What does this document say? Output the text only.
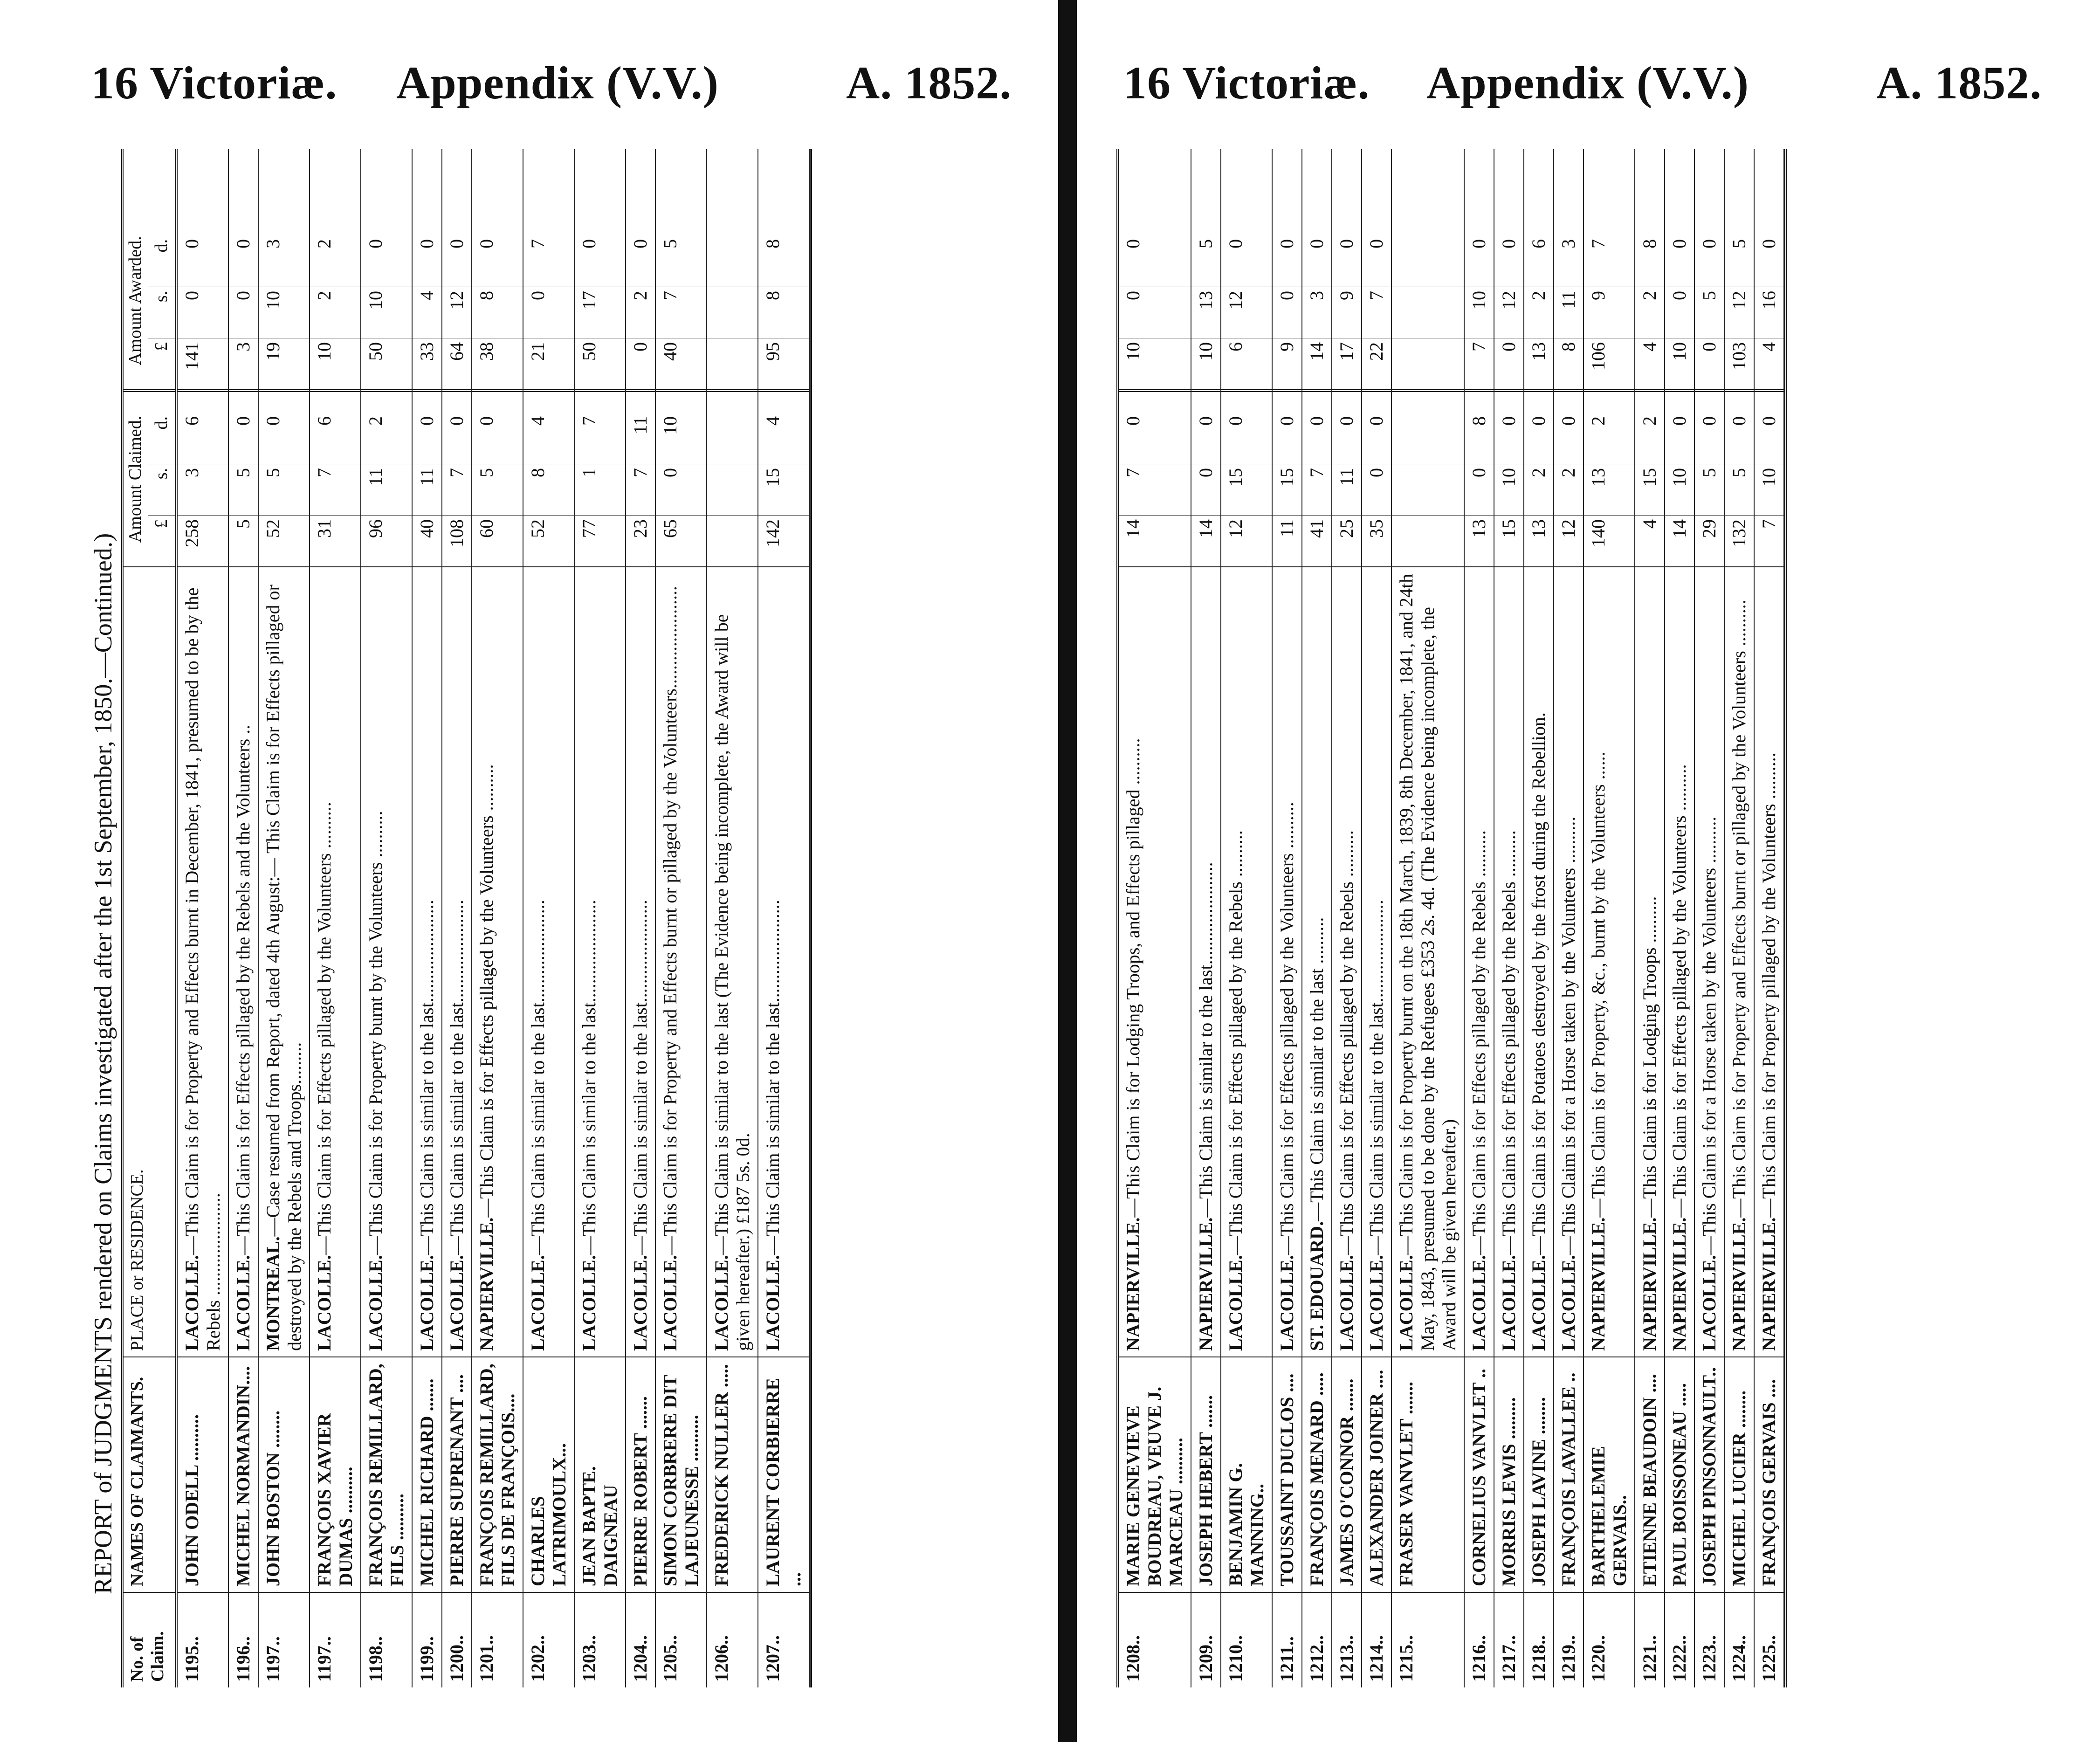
16 Victoriæ. Appendix (V.V.)	A. 1852.
REPORT of JUDGMENTS rendered on Claims investigated after the 1st September, 1850.—Continued.)
No. of Claim.
NAMES OF CLAIMANTS.
PLACE or RESIDENCE.
Amount Claimed. £
s.
d.
Amount Awarded. £
s.
d.
1195..
JOHN ODELL ..........
LACOLLE.—This Claim is for Property and Effects burnt in December, 1841, presumed to be by the Rebels ......................
258
3
6
141
0
0
1196..
MICHEL NORMANDIN....
LACOLLE.—This Claim is for Effects pillaged by the Rebels and the Volunteers ..
5
5
0
3
0
0
1197..
JOHN BOSTON ........
MONTREAL.—Case resumed from Report, dated 4th August:— This Claim is for Effects pillaged or destroyed by the Rebels and Troops.........
52
5
0
19
10
3
1197..
FRANÇOIS XAVIER DUMAS ..........
LACOLLE.—This Claim is for Effects pillaged by the Volunteers ..........
31
7
6
10
2
2
1198..
FRANÇOIS REMILLARD, FILS ..........
LACOLLE.—This Claim is for Property burnt by the Volunteers ..........
96
11
2
50
10
0
1199..
MICHEL RICHARD .......
LACOLLE.—This Claim is similar to the last......................
40
11
0
33
4
0
1200..
PIERRE SUPRENANT ....
LACOLLE.—This Claim is similar to the last......................
108
7
0
64
12
0
1201..
FRANÇOIS REMILLARD, FILS DE FRANÇOIS....
NAPIERVILLE.—This Claim is for Effects pillaged by the Volunteers ..........
60
5
0
38
8
0
1202..
CHARLES LATRIMOULX...
LACOLLE.—This Claim is similar to the last......................
52
8
4
21
0
7
1203..
JEAN BAPTE. DAIGNEAU
LACOLLE.—This Claim is similar to the last......................
77
1
7
50
17
0
1204..
PIERRE ROBERT .......
LACOLLE.—This Claim is similar to the last......................
23
7
11
0
2
0
1205..
SIMON CORBRERE DIT LAJEUNESSE ..........
LACOLLE.—This Claim is for Property and Effects burnt or pillaged by the Volunteers......................
65
0
10
40
7
5
1206..
FREDERICK NULLER .....
LACOLLE.—This Claim is similar to the last (The Evidence being incomplete, the Award will be given hereafter.) £187 5s. 0d.
1207..
LAURENT CORBIERRE ...
LACOLLE.—This Claim is similar to the last......................
142
15
4
95
8
8
16 Victoriæ. Appendix (V.V.)	A. 1852.
1208..
MARIE GENEVIEVE BOUDREAU, VEUVE J. MARCEAU ..........
NAPIERVILLE.—This Claim is for Lodging Troops, and Effects pillaged ..........
14
7
0
10
0
0
1209..
JOSEPH HEBERT .......
NAPIERVILLE.—This Claim is similar to the last......................
14
0
0
10
13
5
1210..
BENJAMIN G. MANNING..
LACOLLE.—This Claim is for Effects pillaged by the Rebels ..........
12
15
0
6
12
0
1211..
TOUSSAINT DUCLOS ....
LACOLLE.—This Claim is for Effects pillaged by the Volunteers ..........
11
15
0
9
0
0
1212..
FRANÇOIS MENARD .....
ST. EDOUARD.—This Claim is similar to the last ..........
41
7
0
14
3
0
1213..
JAMES O'CONNOR .......
LACOLLE.—This Claim is for Effects pillaged by the Rebels ..........
25
11
0
17
9
0
1214..
ALEXANDER JOINER ....
LACOLLE.—This Claim is similar to the last......................
35
0
0
22
7
0
1215..
FRASER VANVLET .......
LACOLLE.—This Claim is for Property burnt on the 18th March, 1839, 8th December, 1841, and 24th May, 1843, presumed to be done by the Refugees £353 2s. 4d. (The Evidence being incomplete, the Award will be given hereafter.)
1216..
CORNELIUS VANVLET ..
LACOLLE.—This Claim is for Effects pillaged by the Rebels ..........
13
0
8
7
10
0
1217..
MORRIS LEWIS .........
LACOLLE.—This Claim is for Effects pillaged by the Rebels ..........
15
10
0
0
12
0
1218..
JOSEPH LAVINE ........
LACOLLE.—This Claim is for Potatoes destroyed by the frost during the Rebellion.
13
2
0
13
2
6
1219..
FRANÇOIS LAVALLEE ..
LACOLLE.—This Claim is for a Horse taken by the Volunteers ..........
12
2
0
8
11
3
1220..
BARTHELEMIE GERVAIS..
NAPIERVILLE.—This Claim is for Property, &c., burnt by the Volunteers ......
140
13
2
106
9
7
1221..
ETIENNE BEAUDOIN ....
NAPIERVILLE.—This Claim is for Lodging Troops ..........
4
15
2
4
2
8
1222..
PAUL BOISSONEAU .....
NAPIERVILLE.—This Claim is for Effects pillaged by the Volunteers ..........
14
10
0
10
0
0
1223..
JOSEPH PINSONNAULT..
LACOLLE.—This Claim is for a Horse taken by the Volunteers ..........
29
5
0
0
5
0
1224..
MICHEL LUCIER ........
NAPIERVILLE.—This Claim is for Property and Effects burnt or pillaged by the Volunteers ..........
132
5
0
103
12
5
1225..
FRANÇOIS GERVAIS ....
NAPIERVILLE.—This Claim is for Property pillaged by the Volunteers ..........
7
10
0
4
16
0
